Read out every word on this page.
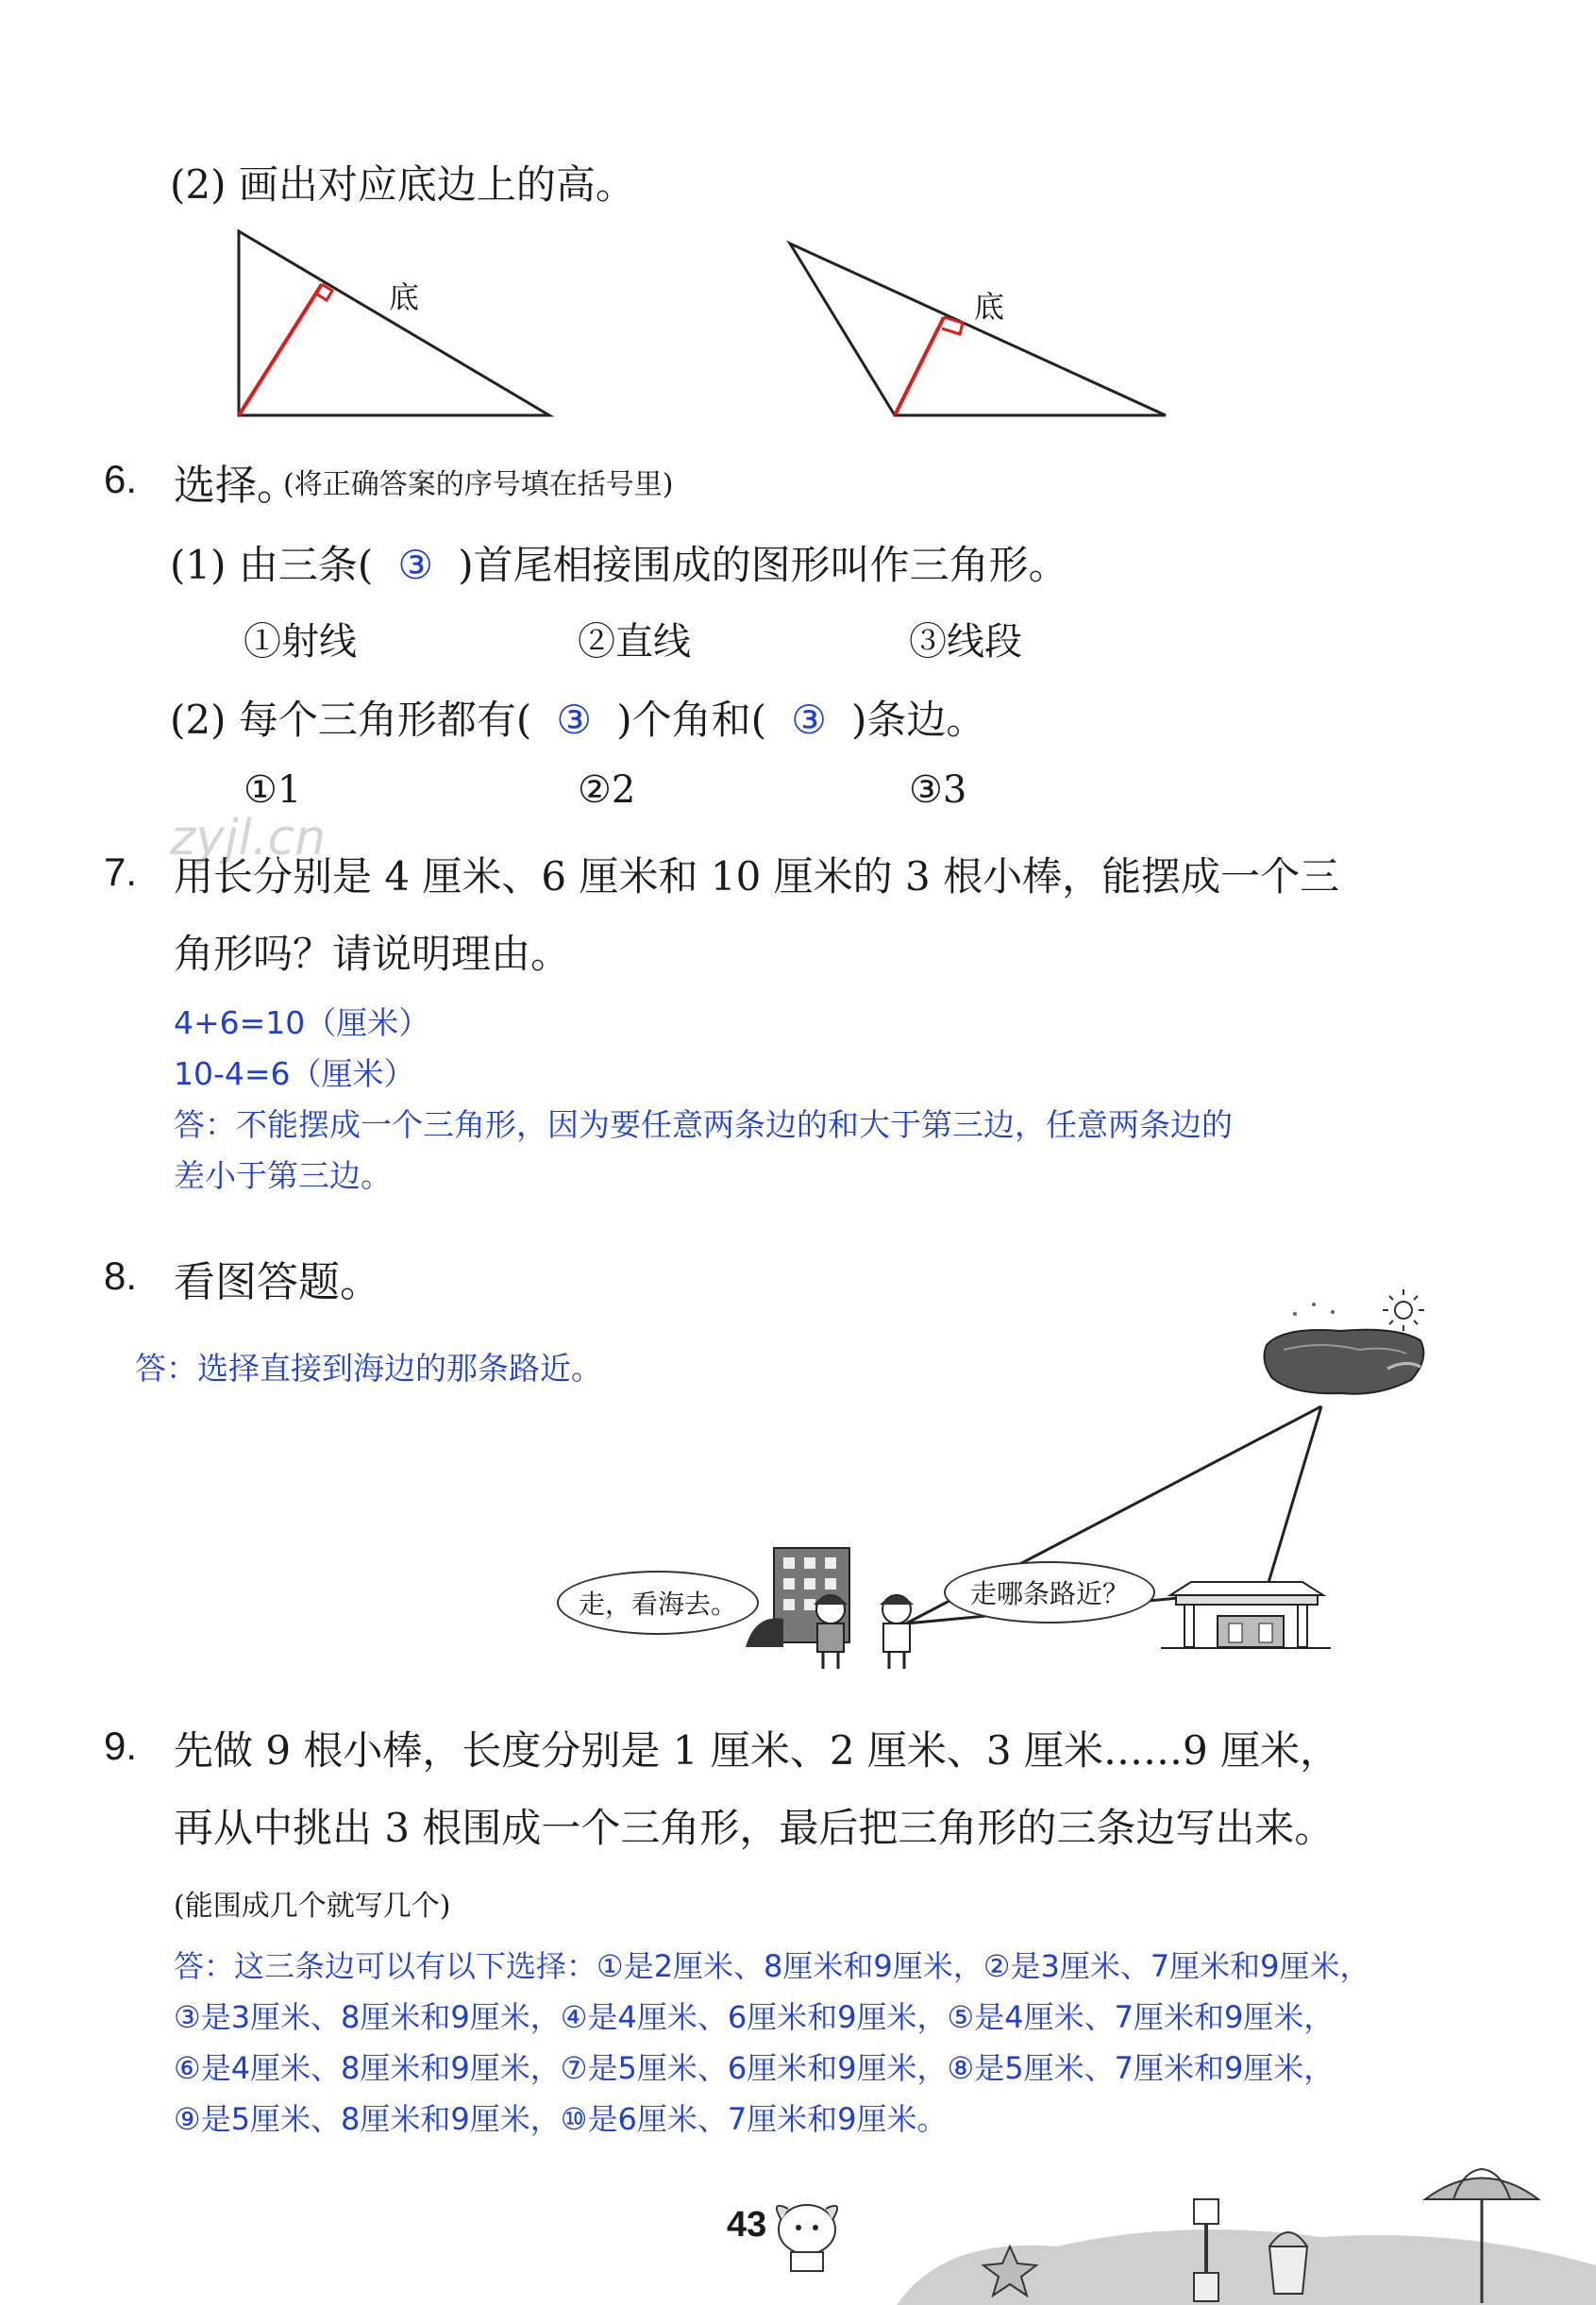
(2) 画出对应底边上的高。
底	底
6. 选择。
(将正确答案的序号填在括号里)
(1) 由三条( ③ )首尾相接围成的图形叫作三角形。
①射线	②直线	③线段
(2) 每个三角形都有( ③ )个角和( ③ )条边。
①1	②2	③3
zyjl.cn
7. 用长分别是 4 厘米、6 厘米和 10 厘米的 3 根小棒，能摆成一个三
角形吗？请说明理由。
4+6=10（厘米）
10-4=6（厘米）
答：不能摆成一个三角形，因为要任意两条边的和大于第三边，任意两条边的
差小于第三边。
8. 看图答题。
答：选择直接到海边的那条路近。
走，看海去。	走哪条路近？
9. 先做 9 根小棒，长度分别是 1 厘米、2 厘米、3 厘米……9 厘米，
再从中挑出 3 根围成一个三角形，最后把三角形的三条边写出来。
(能围成几个就写几个)
答：这三条边可以有以下选择：①是2厘米、8厘米和9厘米，②是3厘米、7厘米和9厘米，
③是3厘米、8厘米和9厘米，④是4厘米、6厘米和9厘米，⑤是4厘米、7厘米和9厘米，
⑥是4厘米、8厘米和9厘米，⑦是5厘米、6厘米和9厘米，⑧是5厘米、7厘米和9厘米，
⑨是5厘米、8厘米和9厘米，⑩是6厘米、7厘米和9厘米。
43
